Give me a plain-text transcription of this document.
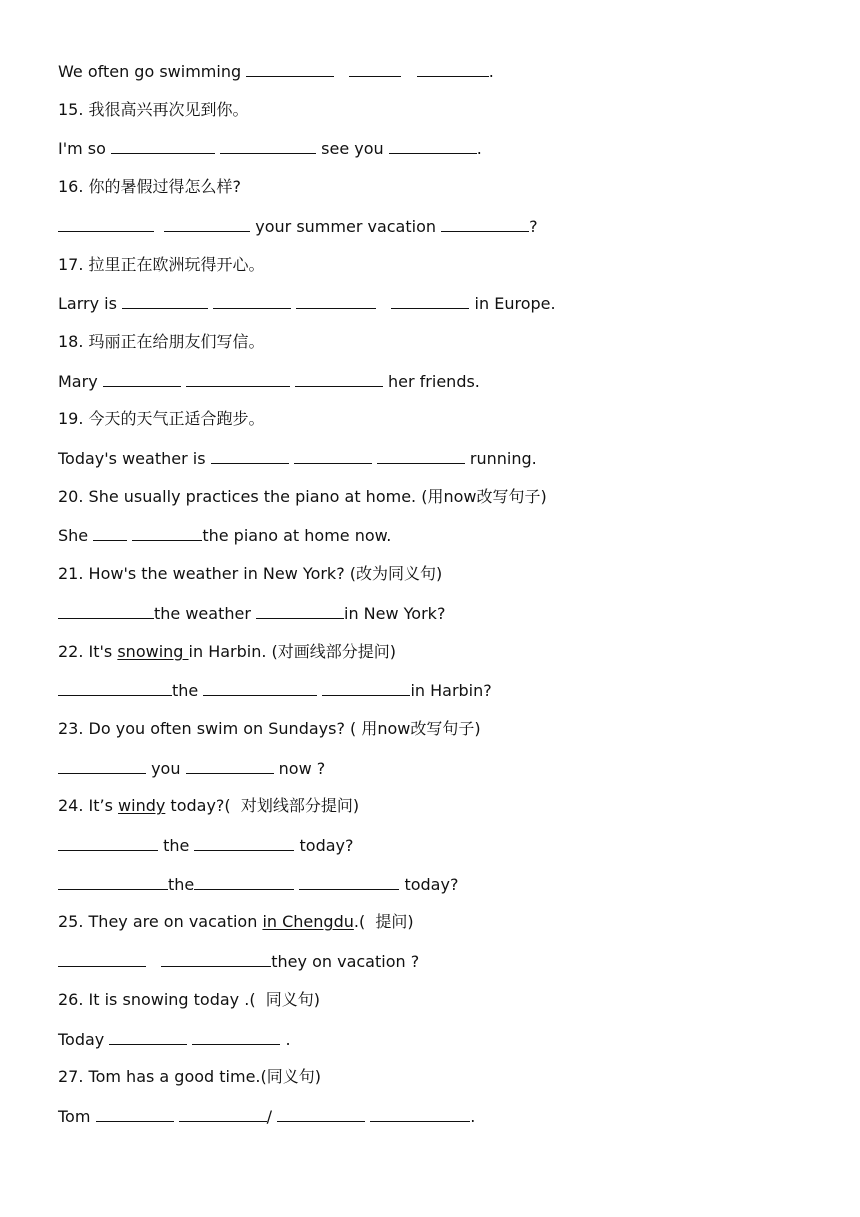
We often go swimming	.
15. 我很高兴再次见到你。
I'm so	see you	.
16. 你的暑假过得怎么样?
your summer vacation	?
17. 拉里正在欧洲玩得开心。
Larry is	in Europe.
18. 玛丽正在给朋友们写信。
Mary	her friends.
19. 今天的天气正适合跑步。
Today's weather is	running.
20. She usually practices the piano at home. (用now改写句子)
She	the piano at home now.
21. How's the weather in New York? (改为同义句)
the weather	in New York?
22. It's snowing in Harbin. (对画线部分提问)
the	in Harbin?
23. Do you often swim on Sundays? ( 用now改写句子)
you	now ?
24. It’s windy today?(  对划线部分提问)
the	today?
the	today?
25. They are on vacation in Chengdu.(  提问)
they on vacation ?
26. It is snowing today .(  同义句)
Today	.
27. Tom has a good time.(同义句)
Tom	/	.
